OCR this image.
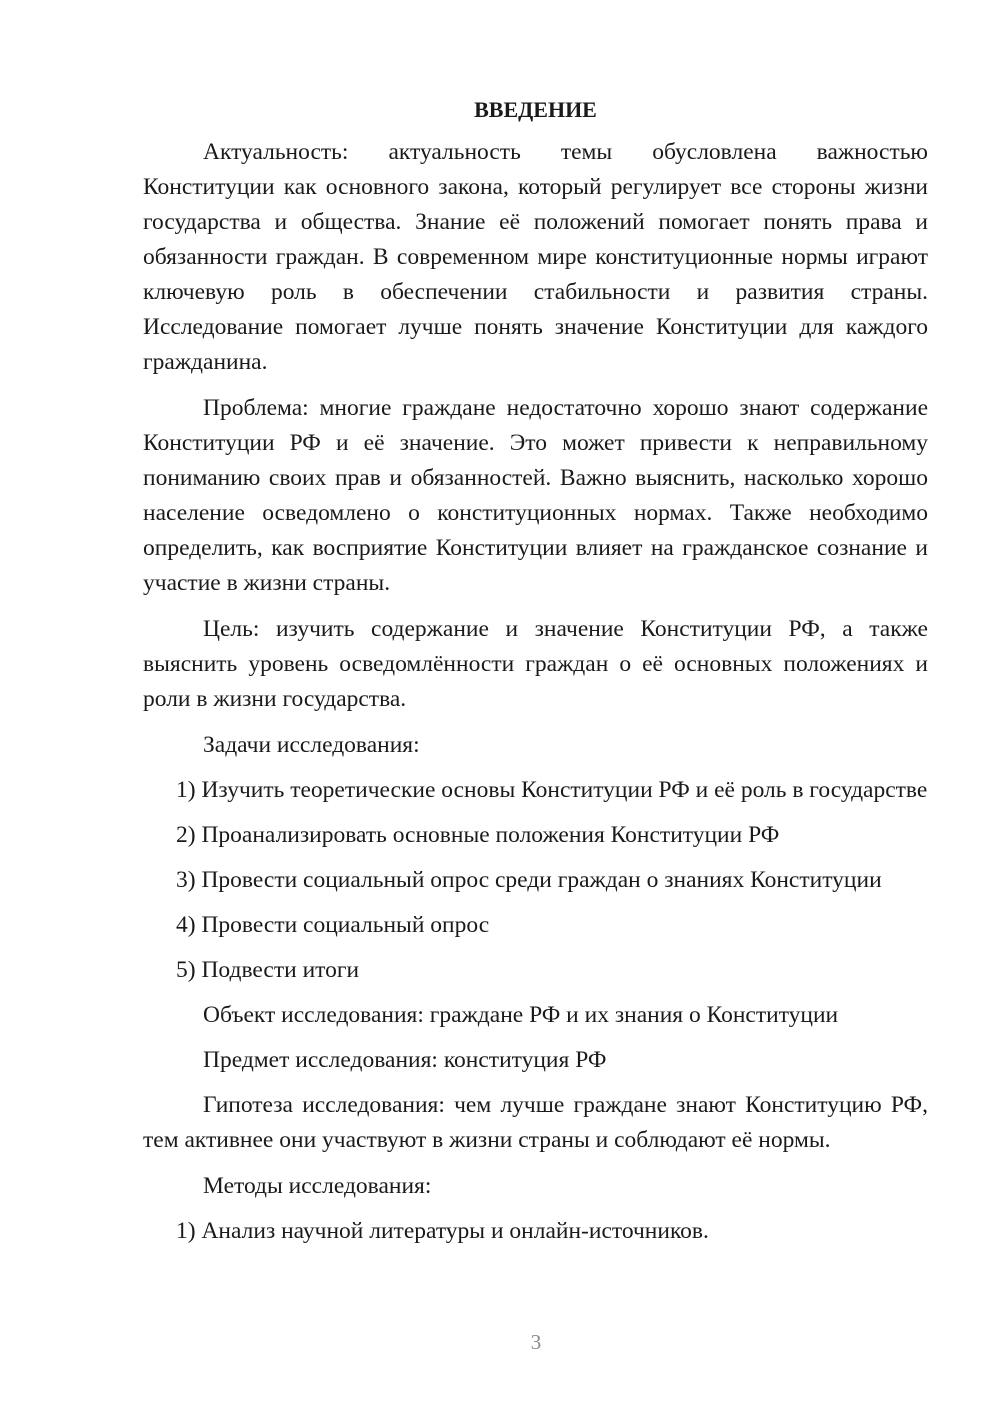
ВВЕДЕНИЕ

Актуальность: актуальность темы обусловлена важностью Конституции как основного закона, который регулирует все стороны жизни государства и общества. Знание её положений помогает понять права и обязанности граждан. В современном мире конституционные нормы играют ключевую роль в обеспечении стабильности и развития страны. Исследование помогает лучше понять значение Конституции для каждого гражданина.

Проблема: многие граждане недостаточно хорошо знают содержание Конституции РФ и её значение. Это может привести к неправильному пониманию своих прав и обязанностей. Важно выяснить, насколько хорошо население осведомлено о конституционных нормах. Также необходимо определить, как восприятие Конституции влияет на гражданское сознание и участие в жизни страны.

Цель: изучить содержание и значение Конституции РФ, а также выяснить уровень осведомлённости граждан о её основных положениях и роли в жизни государства.

Задачи исследования:

1) Изучить теоретические основы Конституции РФ и её роль в государстве

2) Проанализировать основные положения Конституции РФ

3) Провести социальный опрос среди граждан о знаниях Конституции

4) Провести социальный опрос

5) Подвести итоги

Объект исследования: граждане РФ и их знания о Конституции

Предмет исследования: конституция РФ

Гипотеза исследования: чем лучше граждане знают Конституцию РФ, тем активнее они участвуют в жизни страны и соблюдают её нормы.

Методы исследования:

1) Анализ научной литературы и онлайн-источников.

3
